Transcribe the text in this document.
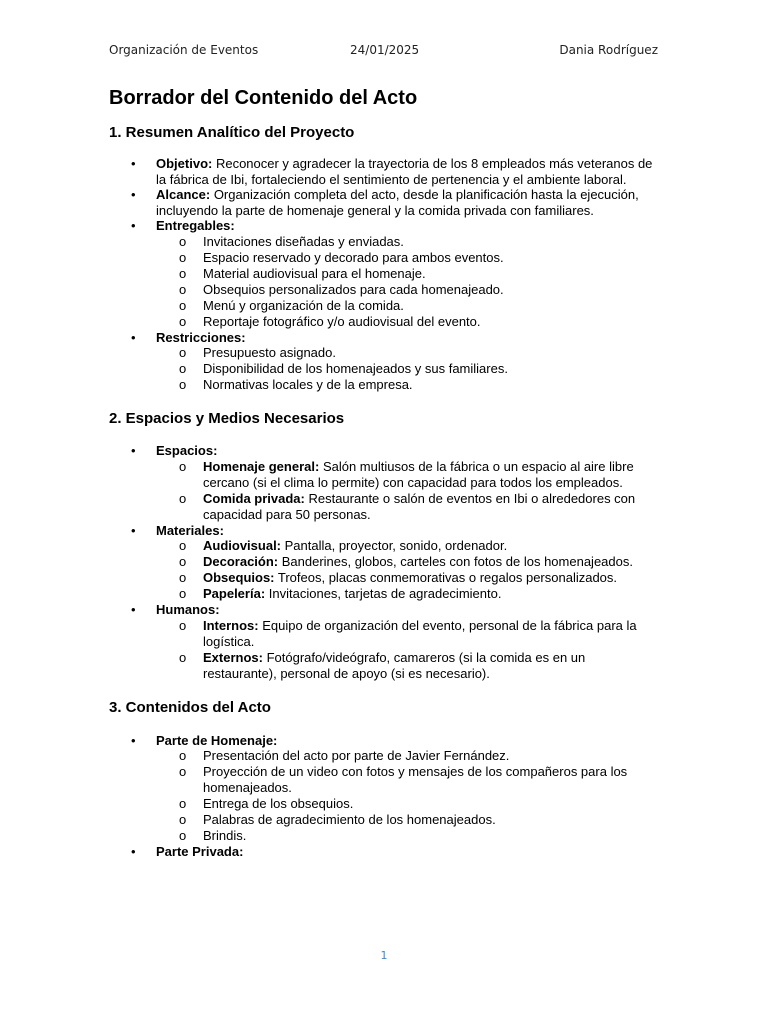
Organización de Eventos	24/01/2025	Dania Rodríguez
Borrador del Contenido del Acto
1. Resumen Analítico del Proyecto
• Objetivo: Reconocer y agradecer la trayectoria de los 8 empleados más veteranos de la fábrica de Ibi, fortaleciendo el sentimiento de pertenencia y el ambiente laboral.
• Alcance: Organización completa del acto, desde la planificación hasta la ejecución, incluyendo la parte de homenaje general y la comida privada con familiares.
• Entregables:
o Invitaciones diseñadas y enviadas.
o Espacio reservado y decorado para ambos eventos.
o Material audiovisual para el homenaje.
o Obsequios personalizados para cada homenajeado.
o Menú y organización de la comida.
o Reportaje fotográfico y/o audiovisual del evento.
• Restricciones:
o Presupuesto asignado.
o Disponibilidad de los homenajeados y sus familiares.
o Normativas locales y de la empresa.
2. Espacios y Medios Necesarios
• Espacios:
o Homenaje general: Salón multiusos de la fábrica o un espacio al aire libre cercano (si el clima lo permite) con capacidad para todos los empleados.
o Comida privada: Restaurante o salón de eventos en Ibi o alrededores con capacidad para 50 personas.
• Materiales:
o Audiovisual: Pantalla, proyector, sonido, ordenador.
o Decoración: Banderines, globos, carteles con fotos de los homenajeados.
o Obsequios: Trofeos, placas conmemorativas o regalos personalizados.
o Papelería: Invitaciones, tarjetas de agradecimiento.
• Humanos:
o Internos: Equipo de organización del evento, personal de la fábrica para la logística.
o Externos: Fotógrafo/videógrafo, camareros (si la comida es en un restaurante), personal de apoyo (si es necesario).
3. Contenidos del Acto
• Parte de Homenaje:
o Presentación del acto por parte de Javier Fernández.
o Proyección de un video con fotos y mensajes de los compañeros para los homenajeados.
o Entrega de los obsequios.
o Palabras de agradecimiento de los homenajeados.
o Brindis.
• Parte Privada:
1
